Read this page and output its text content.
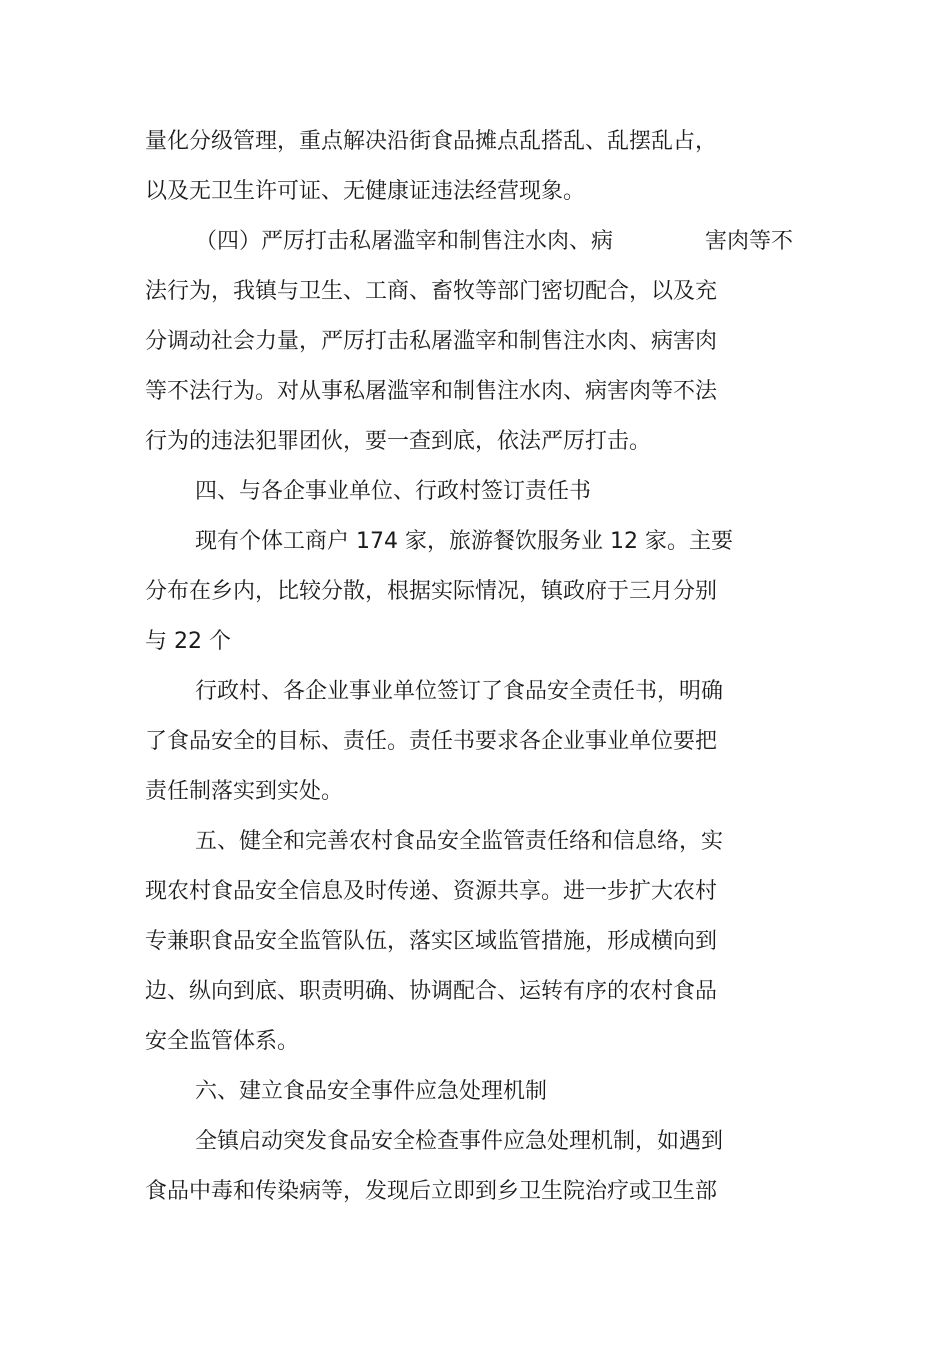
量化分级管理，重点解决沿街食品摊点乱搭乱、乱摆乱占，
以及无卫生许可证、无健康证违法经营现象。
（四）严厉打击私屠滥宰和制售注水肉、病	害肉等不
法行为，我镇与卫生、工商、畜牧等部门密切配合，以及充
分调动社会力量，严厉打击私屠滥宰和制售注水肉、病害肉
等不法行为。对从事私屠滥宰和制售注水肉、病害肉等不法
行为的违法犯罪团伙，要一查到底，依法严厉打击。
四、与各企事业单位、行政村签订责任书
现有个体工商户 174 家，旅游餐饮服务业 12 家。主要
分布在乡内，比较分散，根据实际情况，镇政府于三月分别
与 22 个
行政村、各企业事业单位签订了食品安全责任书，明确
了食品安全的目标、责任。责任书要求各企业事业单位要把
责任制落实到实处。
五、健全和完善农村食品安全监管责任络和信息络，实
现农村食品安全信息及时传递、资源共享。进一步扩大农村
专兼职食品安全监管队伍，落实区域监管措施，形成横向到
边、纵向到底、职责明确、协调配合、运转有序的农村食品
安全监管体系。
六、建立食品安全事件应急处理机制
全镇启动突发食品安全检查事件应急处理机制，如遇到
食品中毒和传染病等，发现后立即到乡卫生院治疗或卫生部
